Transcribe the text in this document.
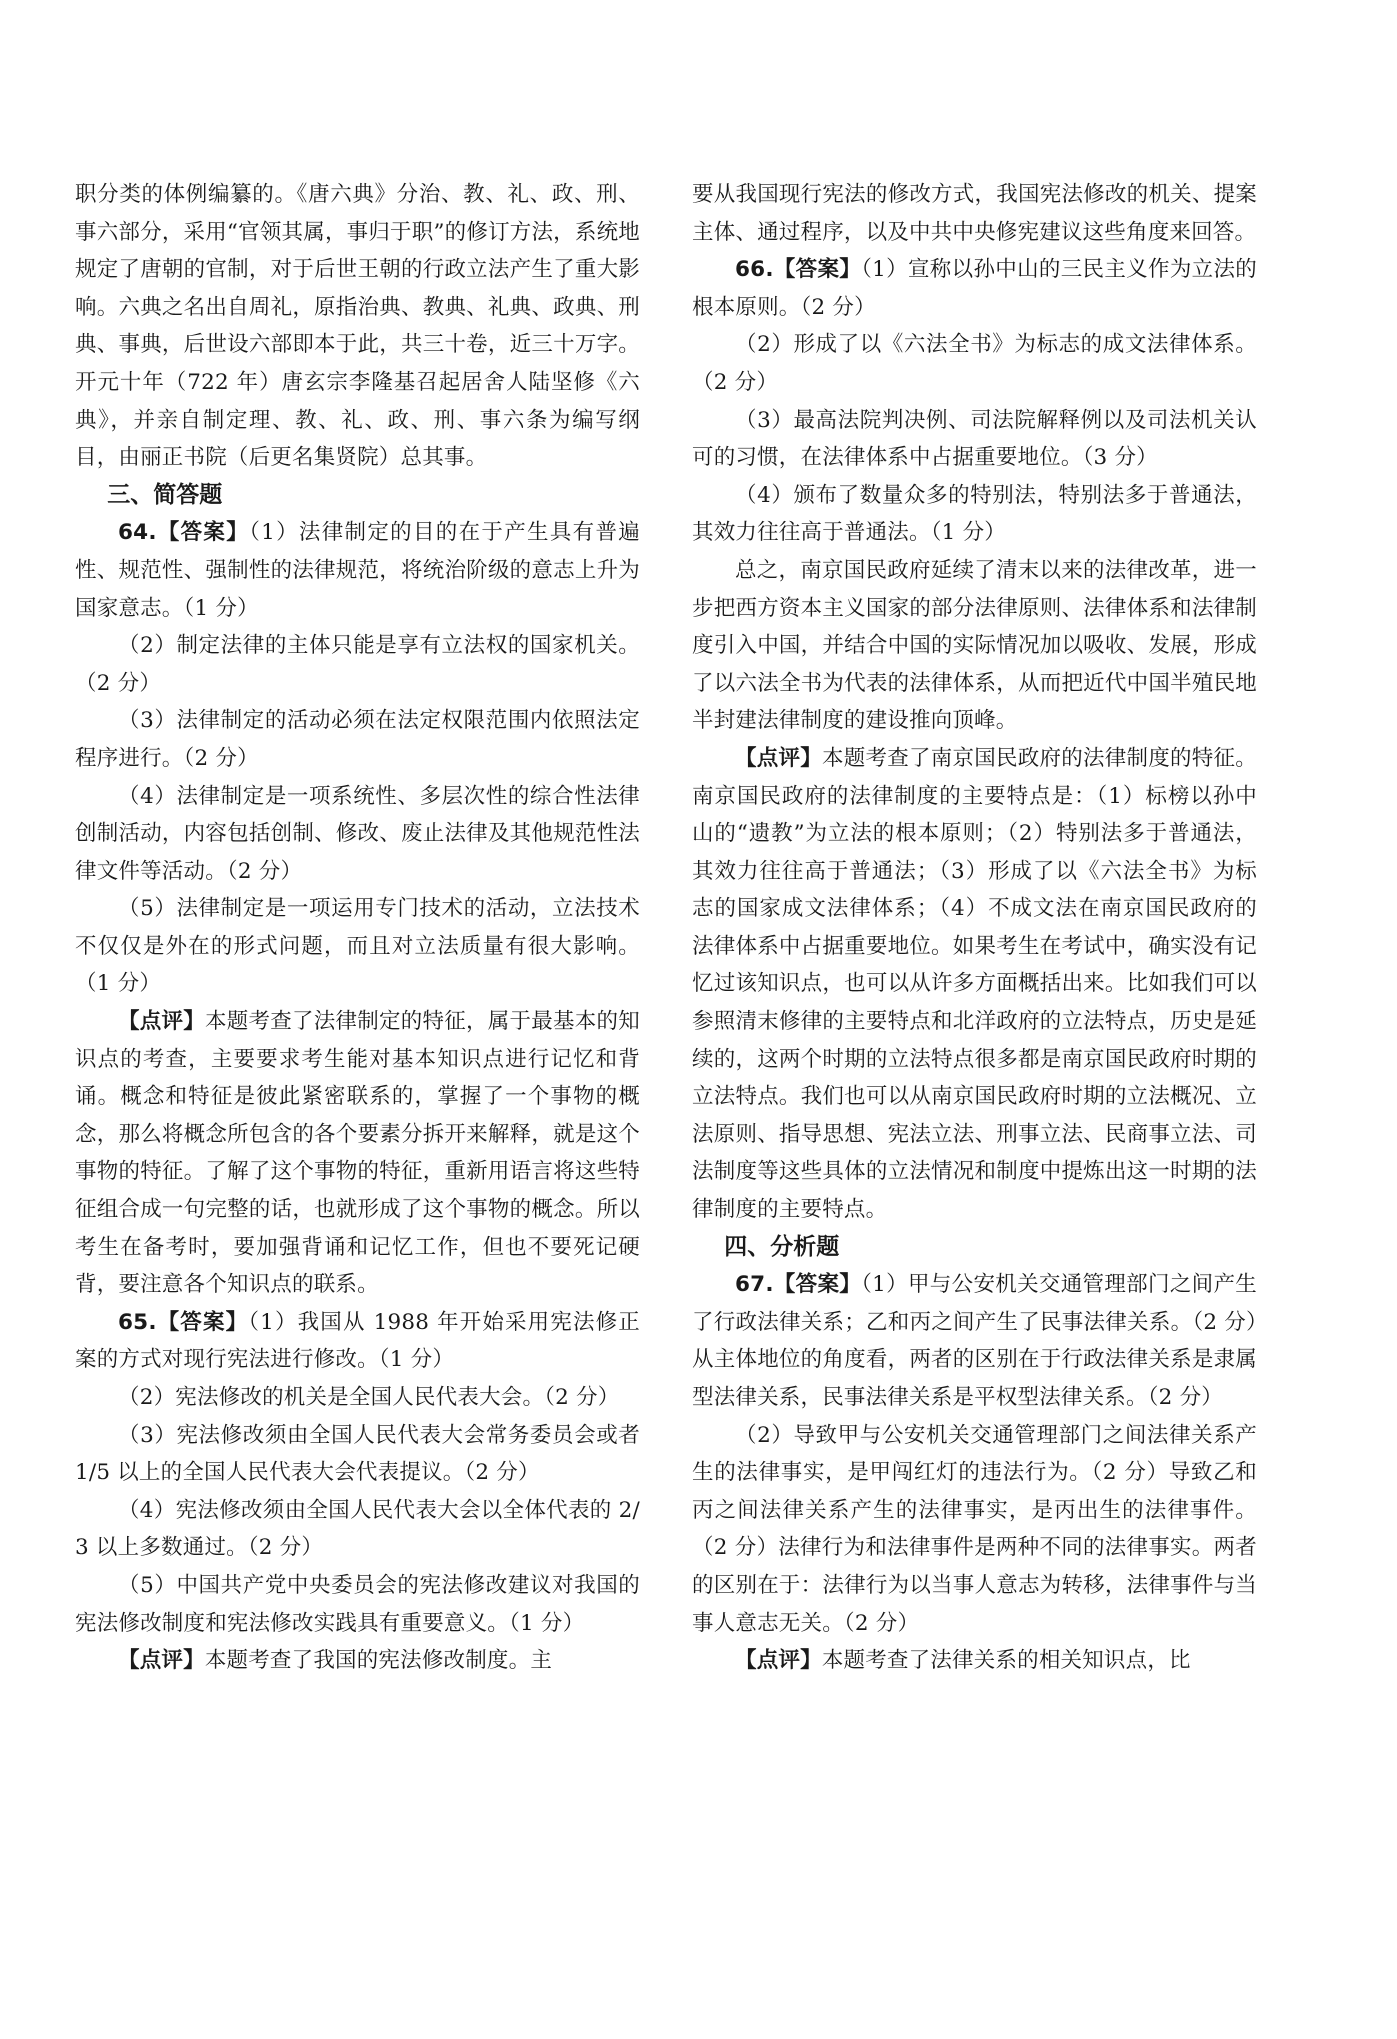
职分类的体例编纂的。《唐六典》分治、教、礼、政、刑、事六部分，采用“官领其属，事归于职”的修订方法，系统地规定了唐朝的官制，对于后世王朝的行政立法产生了重大影响。六典之名出自周礼，原指治典、教典、礼典、政典、刑典、事典，后世设六部即本于此，共三十卷，近三十万字。开元十年（722 年）唐玄宗李隆基召起居舍人陆坚修《六典》，并亲自制定理、教、礼、政、刑、事六条为编写纲目，由丽正书院（后更名集贤院）总其事。

三、简答题

64.【答案】（1）法律制定的目的在于产生具有普遍性、规范性、强制性的法律规范，将统治阶级的意志上升为国家意志。（1 分）

（2）制定法律的主体只能是享有立法权的国家机关。（2 分）

（3）法律制定的活动必须在法定权限范围内依照法定程序进行。（2 分）

（4）法律制定是一项系统性、多层次性的综合性法律创制活动，内容包括创制、修改、废止法律及其他规范性法律文件等活动。（2 分）

（5）法律制定是一项运用专门技术的活动，立法技术不仅仅是外在的形式问题，而且对立法质量有很大影响。（1 分）

【点评】本题考查了法律制定的特征，属于最基本的知识点的考查，主要要求考生能对基本知识点进行记忆和背诵。概念和特征是彼此紧密联系的，掌握了一个事物的概念，那么将概念所包含的各个要素分拆开来解释，就是这个事物的特征。了解了这个事物的特征，重新用语言将这些特征组合成一句完整的话，也就形成了这个事物的概念。所以考生在备考时，要加强背诵和记忆工作，但也不要死记硬背，要注意各个知识点的联系。

65.【答案】（1）我国从 1988 年开始采用宪法修正案的方式对现行宪法进行修改。（1 分）

（2）宪法修改的机关是全国人民代表大会。（2 分）

（3）宪法修改须由全国人民代表大会常务委员会或者 1/5 以上的全国人民代表大会代表提议。（2 分）

（4）宪法修改须由全国人民代表大会以全体代表的 2/3 以上多数通过。（2 分）

（5）中国共产党中央委员会的宪法修改建议对我国的宪法修改制度和宪法修改实践具有重要意义。（1 分）

【点评】本题考查了我国的宪法修改制度。主

要从我国现行宪法的修改方式，我国宪法修改的机关、提案主体、通过程序，以及中共中央修宪建议这些角度来回答。

66.【答案】（1）宣称以孙中山的三民主义作为立法的根本原则。（2 分）

（2）形成了以《六法全书》为标志的成文法律体系。（2 分）

（3）最高法院判决例、司法院解释例以及司法机关认可的习惯，在法律体系中占据重要地位。（3 分）

（4）颁布了数量众多的特别法，特别法多于普通法，其效力往往高于普通法。（1 分）

总之，南京国民政府延续了清末以来的法律改革，进一步把西方资本主义国家的部分法律原则、法律体系和法律制度引入中国，并结合中国的实际情况加以吸收、发展，形成了以六法全书为代表的法律体系，从而把近代中国半殖民地半封建法律制度的建设推向顶峰。

【点评】本题考查了南京国民政府的法律制度的特征。南京国民政府的法律制度的主要特点是：（1）标榜以孙中山的“遗教”为立法的根本原则；（2）特别法多于普通法，其效力往往高于普通法；（3）形成了以《六法全书》为标志的国家成文法律体系；（4）不成文法在南京国民政府的法律体系中占据重要地位。如果考生在考试中，确实没有记忆过该知识点，也可以从许多方面概括出来。比如我们可以参照清末修律的主要特点和北洋政府的立法特点，历史是延续的，这两个时期的立法特点很多都是南京国民政府时期的立法特点。我们也可以从南京国民政府时期的立法概况、立法原则、指导思想、宪法立法、刑事立法、民商事立法、司法制度等这些具体的立法情况和制度中提炼出这一时期的法律制度的主要特点。

四、分析题

67.【答案】（1）甲与公安机关交通管理部门之间产生了行政法律关系；乙和丙之间产生了民事法律关系。（2 分）从主体地位的角度看，两者的区别在于行政法律关系是隶属型法律关系，民事法律关系是平权型法律关系。（2 分）

（2）导致甲与公安机关交通管理部门之间法律关系产生的法律事实，是甲闯红灯的违法行为。（2 分）导致乙和丙之间法律关系产生的法律事实，是丙出生的法律事件。（2 分）法律行为和法律事件是两种不同的法律事实。两者的区别在于：法律行为以当事人意志为转移，法律事件与当事人意志无关。（2 分）

【点评】本题考查了法律关系的相关知识点，比
